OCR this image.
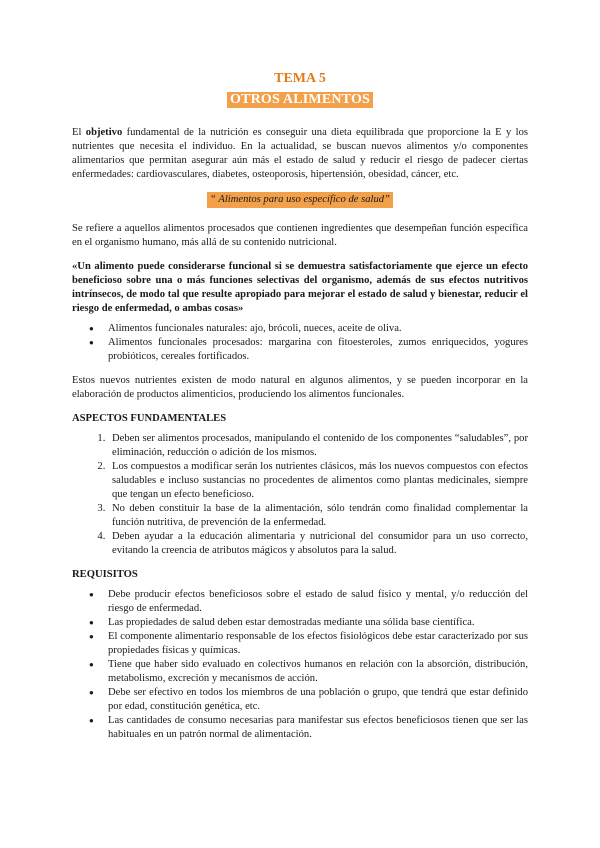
TEMA 5
OTROS ALIMENTOS

El objetivo fundamental de la nutrición es conseguir una dieta equilibrada que proporcione la E y los nutrientes que necesita el individuo. En la actualidad, se buscan nuevos alimentos y/o componentes alimentarios que permitan asegurar aún más el estado de salud y reducir el riesgo de padecer ciertas enfermedades: cardiovasculares, diabetes, osteoporosis, hipertensión, obesidad, cáncer, etc.

“ Alimentos para uso específico de salud”

Se refiere a aquellos alimentos procesados que contienen ingredientes que desempeñan función específica en el organismo humano, más allá de su contenido nutricional.

«Un alimento puede considerarse funcional si se demuestra satisfactoriamente que ejerce un efecto beneficioso sobre una o más funciones selectivas del organismo, además de sus efectos nutritivos intrínsecos, de modo tal que resulte apropiado para mejorar el estado de salud y bienestar, reducir el riesgo de enfermedad, o ambas cosas»

● Alimentos funcionales naturales: ajo, brócoli, nueces, aceite de oliva.
● Alimentos funcionales procesados: margarina con fitoesteroles, zumos enriquecidos, yogures probióticos, cereales fortificados.

Estos nuevos nutrientes existen de modo natural en algunos alimentos, y se pueden incorporar en la elaboración de productos alimenticios, produciendo los alimentos funcionales.

ASPECTOS FUNDAMENTALES
1. Deben ser alimentos procesados, manipulando el contenido de los componentes “saludables”, por eliminación, reducción o adición de los mismos.
2. Los compuestos a modificar serán los nutrientes clásicos, más los nuevos compuestos con efectos saludables e incluso sustancias no procedentes de alimentos como plantas medicinales, siempre que tengan un efecto beneficioso.
3. No deben constituir la base de la alimentación, sólo tendrán como finalidad complementar la función nutritiva, de prevención de la enfermedad.
4. Deben ayudar a la educación alimentaria y nutricional del consumidor para un uso correcto, evitando la creencia de atributos mágicos y absolutos para la salud.
REQUISITOS
● Debe producir efectos beneficiosos sobre el estado de salud físico y mental, y/o reducción del riesgo de enfermedad.
● Las propiedades de salud deben estar demostradas mediante una sólida base científica.
● El componente alimentario responsable de los efectos fisiológicos debe estar caracterizado por sus propiedades físicas y químicas.
● Tiene que haber sido evaluado en colectivos humanos en relación con la absorción, distribución, metabolismo, excreción y mecanismos de acción.
● Debe ser efectivo en todos los miembros de una población o grupo, que tendrá que estar definido por edad, constitución genética, etc.
● Las cantidades de consumo necesarias para manifestar sus efectos beneficiosos tienen que ser las habituales en un patrón normal de alimentación.
